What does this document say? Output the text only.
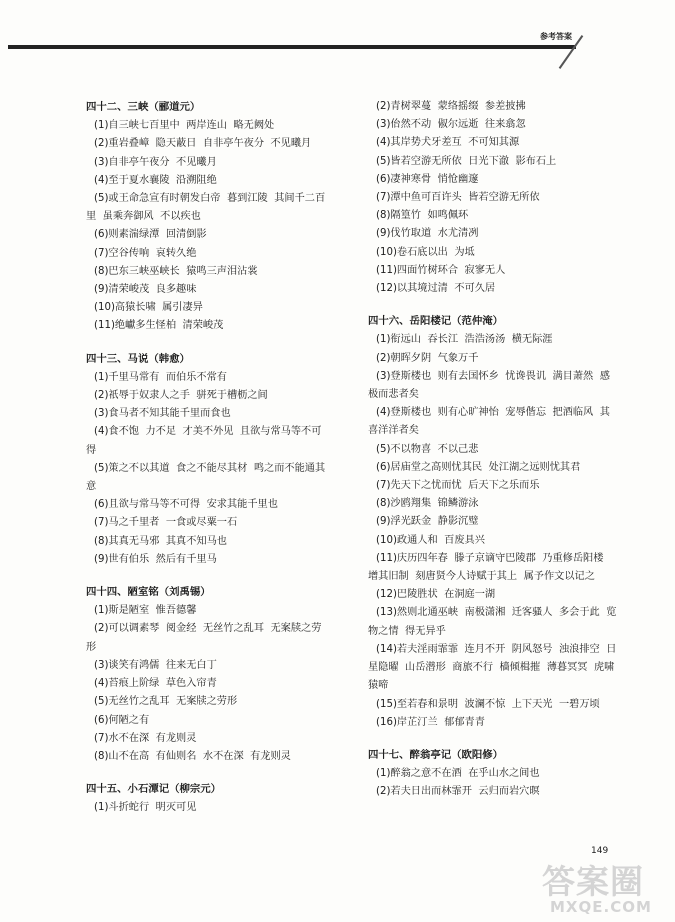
参考答案
四十二、三峡（郦道元）
(1)自三峡七百里中  两岸连山  略无阙处
(2)重岩叠嶂  隐天蔽日  自非亭午夜分  不见曦月
(3)自非亭午夜分  不见曦月
(4)至于夏水襄陵  沿溯阻绝
(5)或王命急宣有时朝发白帝  暮到江陵  其间千二百里  虽乘奔御风  不以疾也
(6)则素湍绿潭  回清倒影
(7)空谷传响  哀转久绝
(8)巴东三峡巫峡长  猿鸣三声泪沾裳
(9)清荣峻茂  良多趣味
(10)高猿长啸  属引凄异
(11)绝巘多生怪柏  清荣峻茂
四十三、马说（韩愈）
(1)千里马常有  而伯乐不常有
(2)祇辱于奴隶人之手  骈死于槽枥之间
(3)食马者不知其能千里而食也
(4)食不饱  力不足  才美不外见  且欲与常马等不可得
(5)策之不以其道  食之不能尽其材  鸣之而不能通其意
(6)且欲与常马等不可得  安求其能千里也
(7)马之千里者  一食或尽粟一石
(8)其真无马邪  其真不知马也
(9)世有伯乐  然后有千里马
四十四、陋室铭（刘禹锡）
(1)斯是陋室  惟吾德馨
(2)可以调素琴  阅金经  无丝竹之乱耳  无案牍之劳形
(3)谈笑有鸿儒  往来无白丁
(4)苔痕上阶绿  草色入帘青
(5)无丝竹之乱耳  无案牍之劳形
(6)何陋之有
(7)水不在深  有龙则灵
(8)山不在高  有仙则名  水不在深  有龙则灵
四十五、小石潭记（柳宗元）
(1)斗折蛇行  明灭可见
(2)青树翠蔓  蒙络摇缀  参差披拂
(3)佁然不动  俶尔远逝  往来翕忽
(4)其岸势犬牙差互  不可知其源
(5)皆若空游无所依  日光下澈  影布石上
(6)凄神寒骨  悄怆幽邃
(7)潭中鱼可百许头  皆若空游无所依
(8)隔篁竹  如鸣佩环
(9)伐竹取道  水尤清冽
(10)卷石底以出  为坻
(11)四面竹树环合  寂寥无人
(12)以其境过清  不可久居
四十六、岳阳楼记（范仲淹）
(1)衔远山  吞长江  浩浩汤汤  横无际涯
(2)朝晖夕阴  气象万千
(3)登斯楼也  则有去国怀乡  忧谗畏讥  满目萧然  感极而悲者矣
(4)登斯楼也  则有心旷神怡  宠辱偕忘  把酒临风  其喜洋洋者矣
(5)不以物喜  不以己悲
(6)居庙堂之高则忧其民  处江湖之远则忧其君
(7)先天下之忧而忧  后天下之乐而乐
(8)沙鸥翔集  锦鳞游泳
(9)浮光跃金  静影沉璧
(10)政通人和  百废具兴
(11)庆历四年春  滕子京谪守巴陵郡  乃重修岳阳楼  增其旧制  刻唐贤今人诗赋于其上  属予作文以记之
(12)巴陵胜状  在洞庭一湖
(13)然则北通巫峡  南极潇湘  迁客骚人  多会于此  览物之情  得无异乎
(14)若夫淫雨霏霏  连月不开  阴风怒号  浊浪排空  日星隐曜  山岳潜形  商旅不行  樯倾楫摧  薄暮冥冥  虎啸猿啼
(15)至若春和景明  波澜不惊  上下天光  一碧万顷
(16)岸芷汀兰  郁郁青青
四十七、醉翁亭记（欧阳修）
(1)醉翁之意不在酒  在乎山水之间也
(2)若夫日出而林霏开  云归而岩穴暝
149
答案圈
MXQE.COM
